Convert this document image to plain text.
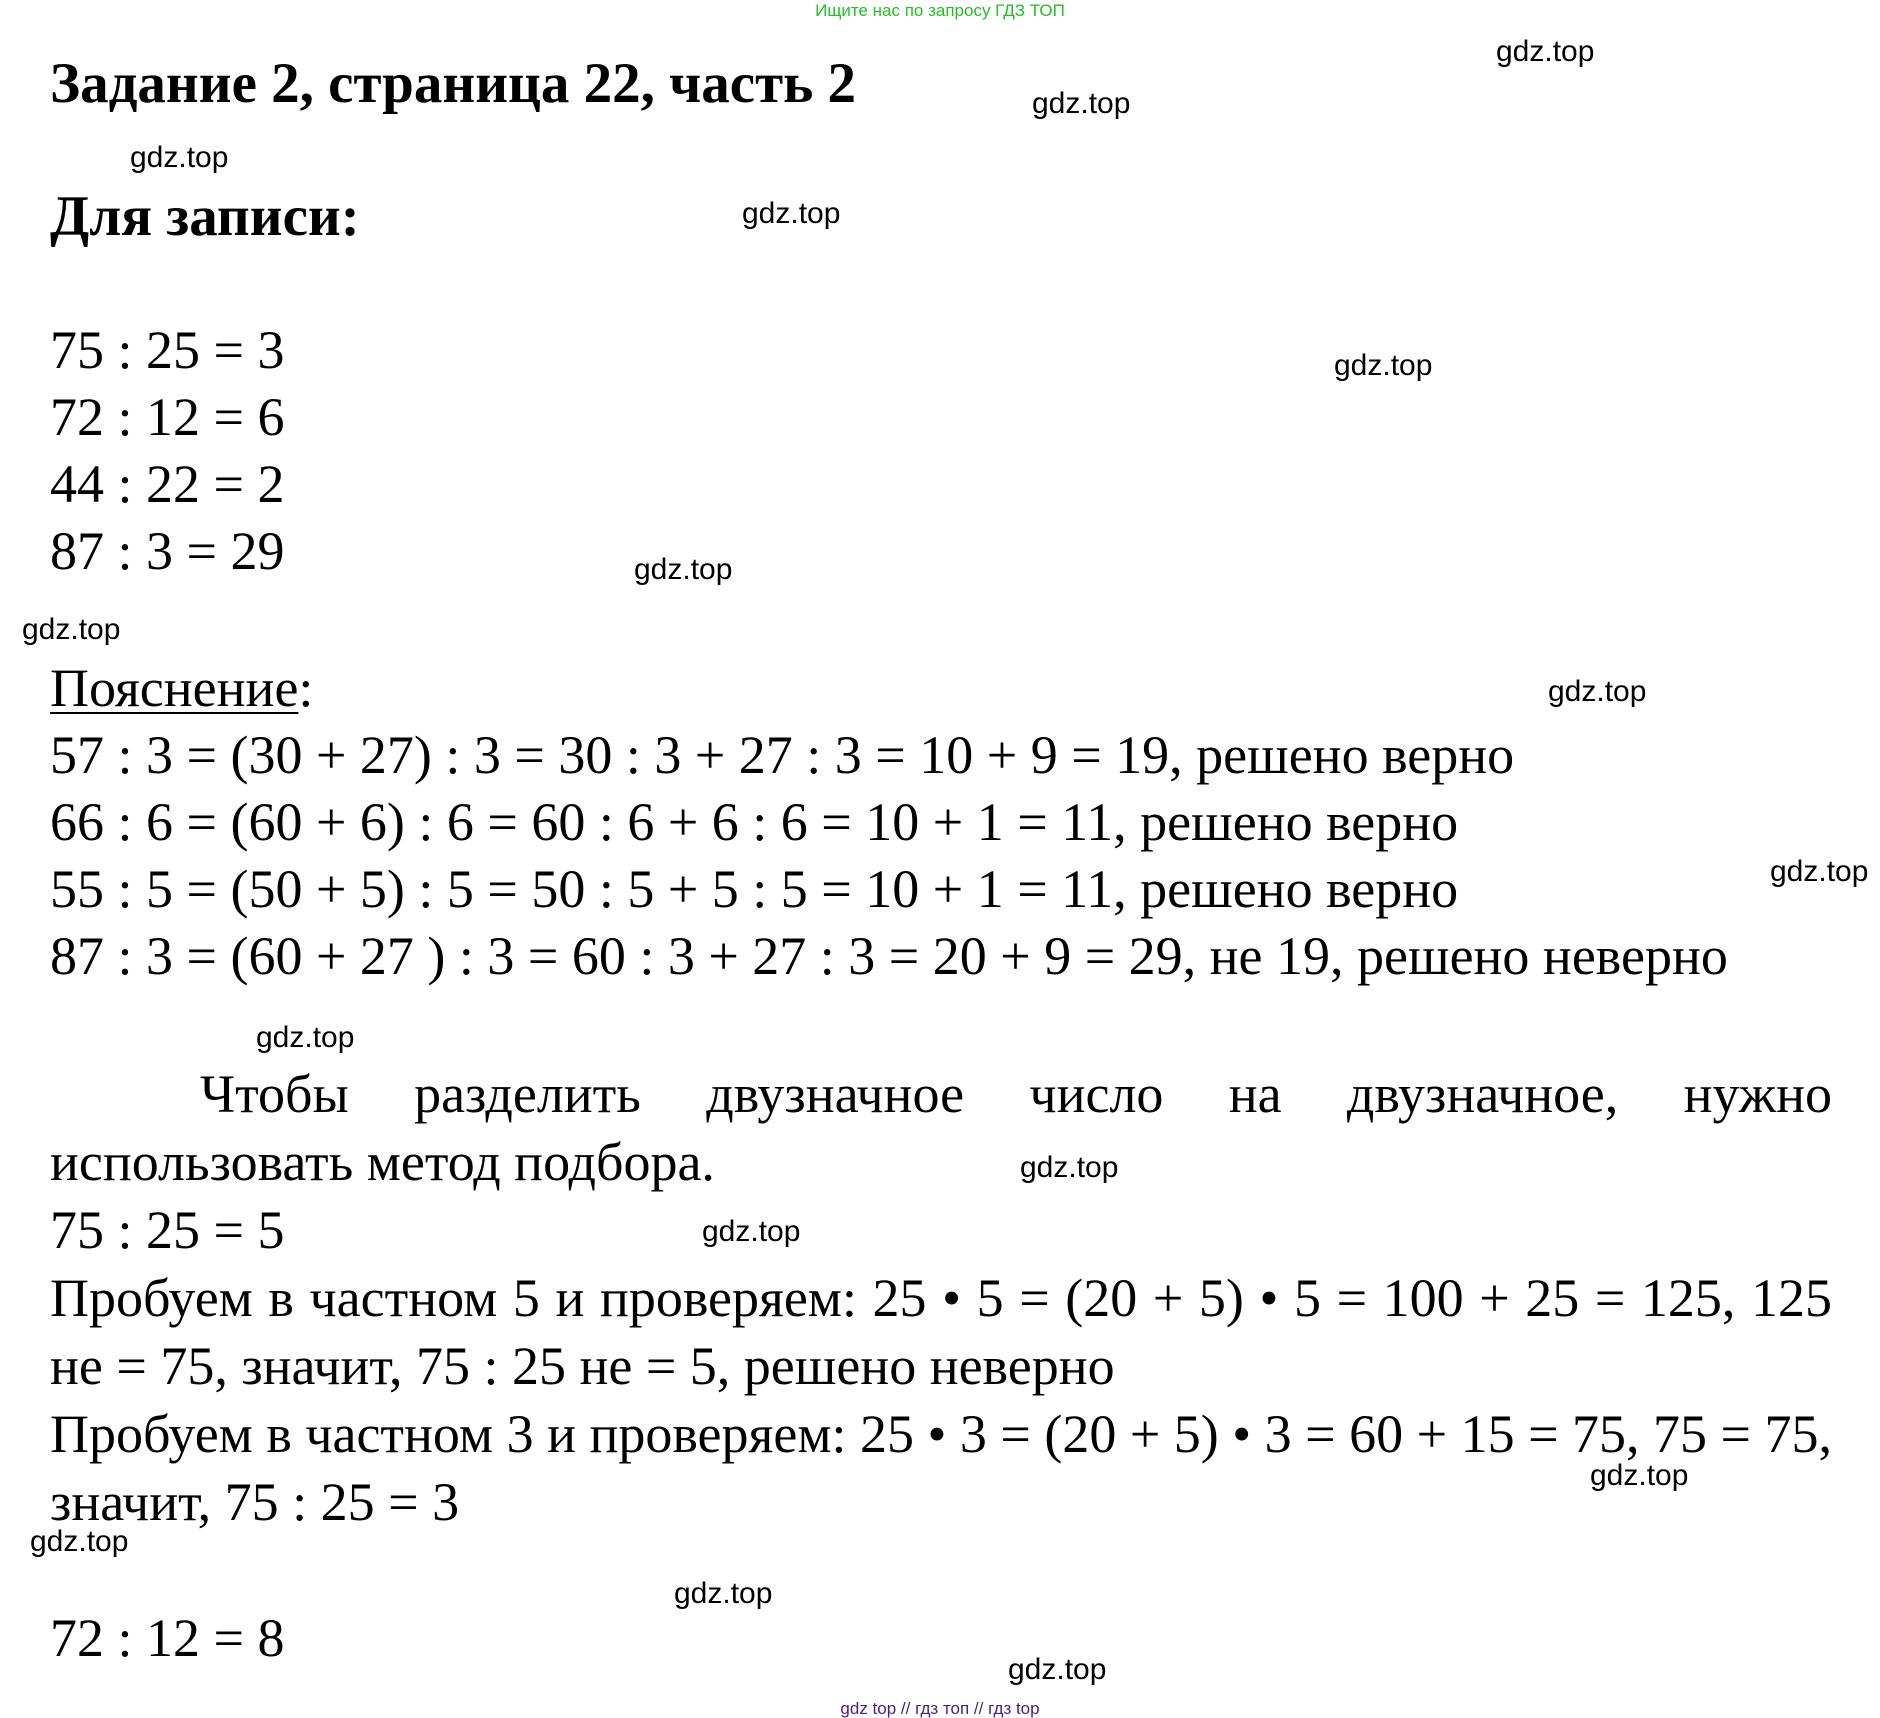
Ищите нас по запросу ГДЗ ТОП
Задание 2, страница 22, часть 2
Для записи:
75 : 25 = 3
72 : 12 = 6
44 : 22 = 2
87 : 3 = 29
Пояснение:
57 : 3 = (30 + 27) : 3 = 30 : 3 + 27 : 3 = 10 + 9 = 19, решено верно
66 : 6 = (60 + 6) : 6 = 60 : 6 + 6 : 6 = 10 + 1 = 11, решено верно
55 : 5 = (50 + 5) : 5 = 50 : 5 + 5 : 5 = 10 + 1 = 11, решено верно
87 : 3 = (60 + 27 ) : 3 = 60 : 3 + 27 : 3 = 20 + 9 = 29, не 19, решено неверно
Чтобы разделить двузначное число на двузначное, нужно использовать метод подбора.
75 : 25 = 5
Пробуем в частном 5 и проверяем: 25 • 5 = (20 + 5) • 5 = 100 + 25 = 125, 125 не = 75, значит, 75 : 25 не = 5, решено неверно
Пробуем в частном 3 и проверяем: 25 • 3 = (20 + 5) • 3 = 60 + 15 = 75, 75 = 75, значит, 75 : 25 = 3
72 : 12 = 8
gdz.top
gdz.top
gdz.top
gdz.top
gdz.top
gdz.top
gdz.top
gdz.top
gdz.top
gdz.top
gdz.top
gdz.top
gdz.top
gdz.top
gdz.top
gdz.top
gdz top // гдз топ // гдз top
